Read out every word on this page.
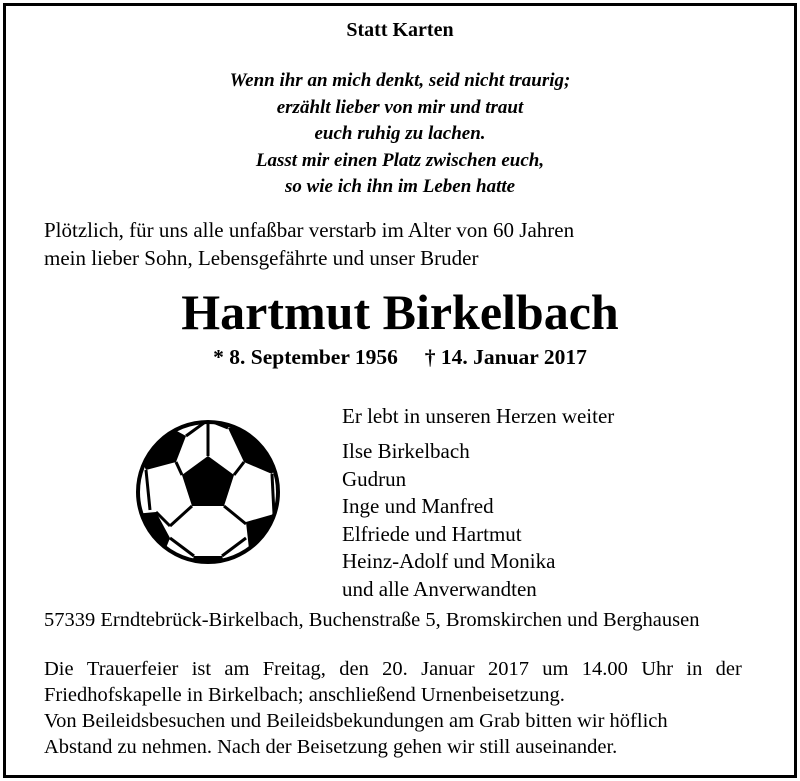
Statt Karten
Wenn ihr an mich denkt, seid nicht traurig;
erzählt lieber von mir und traut
euch ruhig zu lachen.
Lasst mir einen Platz zwischen euch,
so wie ich ihn im Leben hatte
Plötzlich, für uns alle unfaßbar verstarb im Alter von 60 Jahren
mein lieber Sohn, Lebensgefährte und unser Bruder
Hartmut Birkelbach
* 8. September 1956 † 14. Januar 2017
Er lebt in unseren Herzen weiter
Ilse Birkelbach
Gudrun
Inge und Manfred
Elfriede und Hartmut
Heinz-Adolf und Monika
und alle Anverwandten
57339 Erndtebrück-Birkelbach, Buchenstraße 5, Bromskirchen und Berghausen
Die Trauerfeier ist am Freitag, den 20. Januar 2017 um 14.00 Uhr in der
Friedhofskapelle in Birkelbach; anschließend Urnenbeisetzung.
Von Beileidsbesuchen und Beileidsbekundungen am Grab bitten wir höflich
Abstand zu nehmen. Nach der Beisetzung gehen wir still auseinander.
